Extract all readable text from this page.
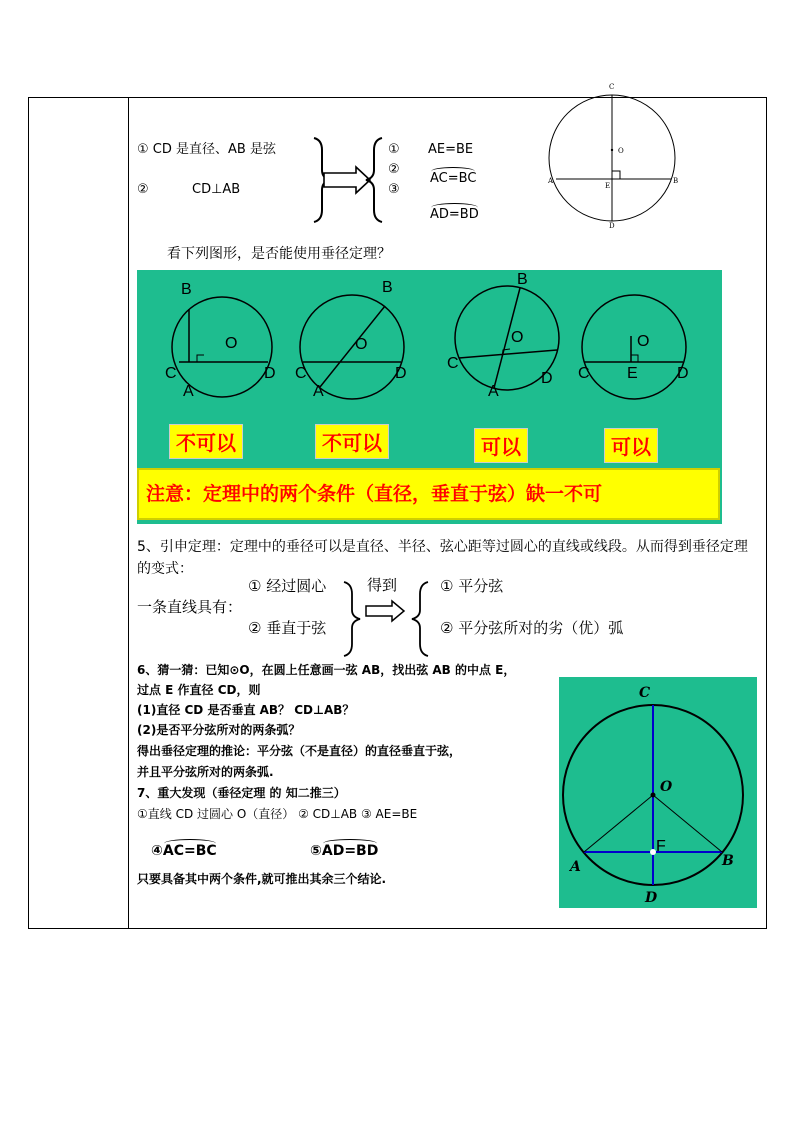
① CD 是直径、AB 是弦
②	CD⊥AB
①
②
③
AE=BE
AC=BC
AD=BD
C
O
A
E
B
D
看下列图形，是否能使用垂径定理？
B
O
C
A
D
B
O
C
A
D
B
O
C
A
D
O
C E D
不可以	不可以	可以	可以
注意：定理中的两个条件（直径，垂直于弦）缺一不可
5、引申定理：定理中的垂径可以是直径、半径、弦心距等过圆心的直线或线段。从而得到垂径定理的变式：
① 经过圆心
一条直线具有：
② 垂直于弦
得到	① 平分弦
② 平分弦所对的劣（优）弧
6、猜一猜：已知⊙O，在圆上任意画一弦 AB，找出弦 AB 的中点 E，
过点 E 作直径 CD，则
(1)直径 CD 是否垂直 AB？ CD⊥AB？
(2)是否平分弦所对的两条弧？
得出垂径定理的推论：平分弦（不是直径）的直径垂直于弦，
并且平分弦所对的两条弧.
7、重大发现（垂径定理 的 知二推三）
①直线 CD 过圆心 O（直径） ② CD⊥AB ③ AE=BE
④AC=BC	⑤AD=BD
只要具备其中两个条件,就可推出其余三个结论.
C
O
A	B
D
F
